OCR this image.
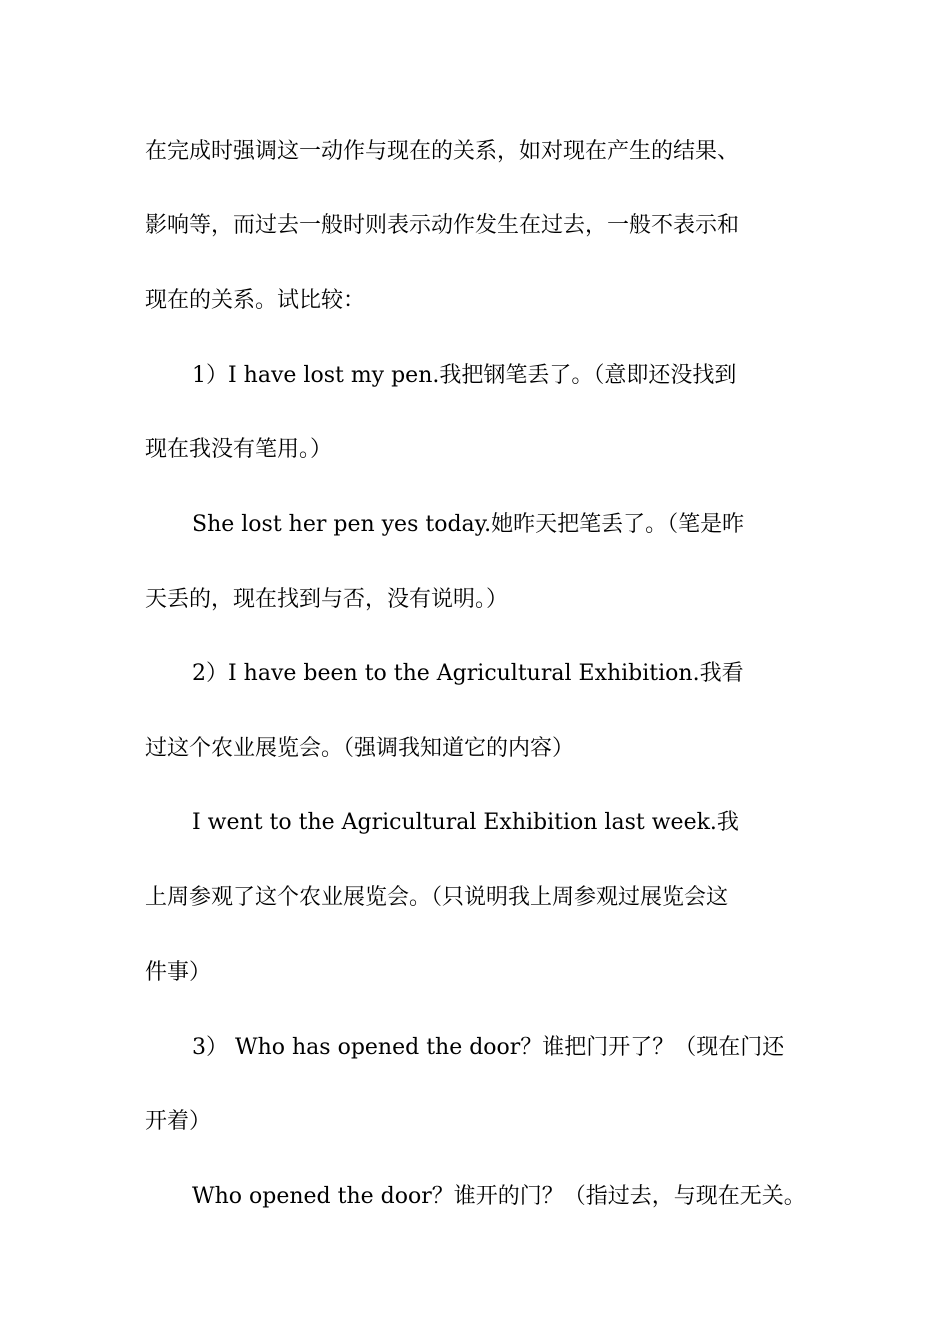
在完成时强调这一动作与现在的关系，如对现在产生的结果、
影响等，而过去一般时则表示动作发生在过去，一般不表示和
现在的关系。试比较：
1）I have lost my pen.我把钢笔丢了。（意即还没找到
现在我没有笔用。）
She lost her pen yes today.她昨天把笔丢了。（笔是昨
天丢的，现在找到与否，没有说明。）
2）I have been to the Agricultural Exhibition.我看
过这个农业展览会。（强调我知道它的内容）
I went to the Agricultural Exhibition last week.我
上周参观了这个农业展览会。（只说明我上周参观过展览会这
件事）
3） Who has opened the door？谁把门开了？（现在门还
开着）
Who opened the door？谁开的门？（指过去，与现在无关。
